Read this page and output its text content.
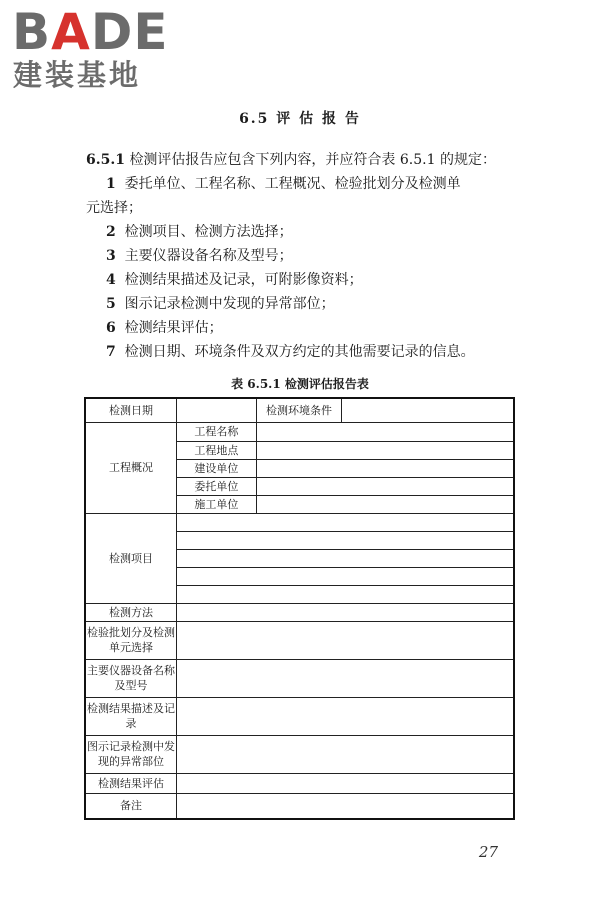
BADE
建装基地
6.5 评 估 报 告
6.5.1 检测评估报告应包含下列内容，并应符合表 6.5.1 的规定：
1 委托单位、工程名称、工程概况、检验批划分及检测单
元选择；
2 检测项目、检测方法选择；
3 主要仪器设备名称及型号；
4 检测结果描述及记录，可附影像资料；
5 图示记录检测中发现的异常部位；
6 检测结果评估；
7 检测日期、环境条件及双方约定的其他需要记录的信息。
表 6.5.1 检测评估报告表
检测日期		检测环境条件	
工程概况	工程名称		
	工程地点		
	建设单位		
	委托单位		
	施工单位		
检测项目			

检测方法			
检验批划分及检测单元选择			
主要仪器设备名称及型号			
检测结果描述及记录			
图示记录检测中发现的异常部位			
检测结果评估			
备注			
27
